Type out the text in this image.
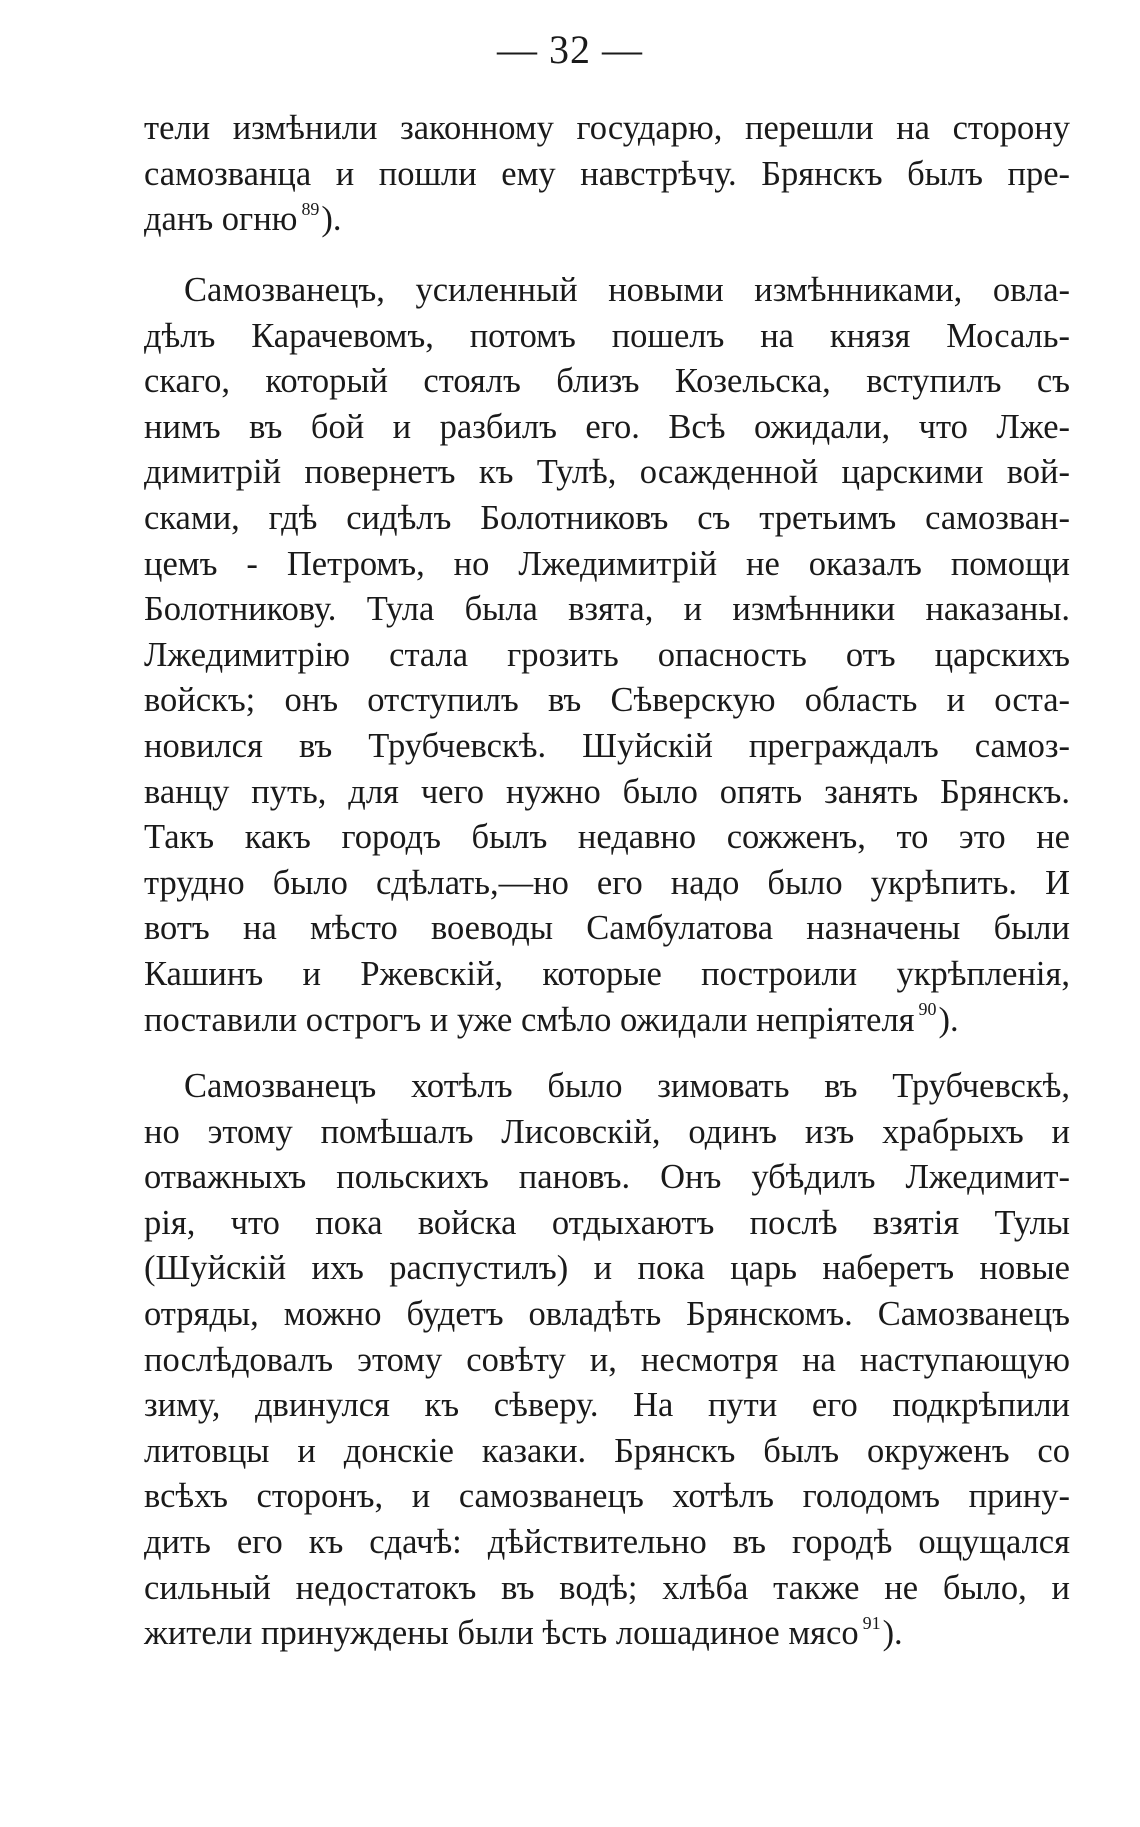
— 32 —
тели измѣнили законному государю, перешли на сторону
самозванца и пошли ему навстрѣчу. Брянскъ былъ пре-
данъ огню $^{89}$).
Самозванецъ, усиленный новыми измѣнниками, овла-
дѣлъ Карачевомъ, потомъ пошелъ на князя Мосаль-
скаго, который стоялъ близъ Козельска, вступилъ съ
нимъ въ бой и разбилъ его. Всѣ ожидали, что Лже-
димитрій повернетъ къ Тулѣ, осажденной царскими вой-
сками, гдѣ сидѣлъ Болотниковъ съ третьимъ самозван-
цемъ - Петромъ, но Лжедимитрій не оказалъ помощи
Болотникову. Тула была взята, и измѣнники наказаны.
Лжедимитрію стала грозить опасность отъ царскихъ
войскъ; онъ отступилъ въ Сѣверскую область и оста-
новился въ Трубчевскѣ. Шуйскій преграждалъ самоз-
ванцу путь, для чего нужно было опять занять Брянскъ.
Такъ какъ городъ былъ недавно сожженъ, то это не
трудно было сдѣлать,—но его надо было укрѣпить. И
вотъ на мѣсто воеводы Самбулатова назначены были
Кашинъ и Ржевскій, которые построили укрѣпленія,
поставили острогъ и уже смѣло ожидали непріятеля $^{90}$).
Самозванецъ хотѣлъ было зимовать въ Трубчевскѣ,
но этому помѣшалъ Лисовскій, одинъ изъ храбрыхъ и
отважныхъ польскихъ пановъ. Онъ убѣдилъ Лжедимит-
рія, что пока войска отдыхаютъ послѣ взятія Тулы
(Шуйскій ихъ распустилъ) и пока царь наберетъ новые
отряды, можно будетъ овладѣть Брянскомъ. Самозванецъ
послѣдовалъ этому совѣту и, несмотря на наступающую
зиму, двинулся къ сѣверу. На пути его подкрѣпили
литовцы и донскіе казаки. Брянскъ былъ окруженъ со
всѣхъ сторонъ, и самозванецъ хотѣлъ голодомъ прину-
дить его къ сдачѣ: дѣйствительно въ городѣ ощущался
сильный недостатокъ въ водѣ; хлѣба также не было, и
жители принуждены были ѣсть лошадиное мясо $^{91}$).
